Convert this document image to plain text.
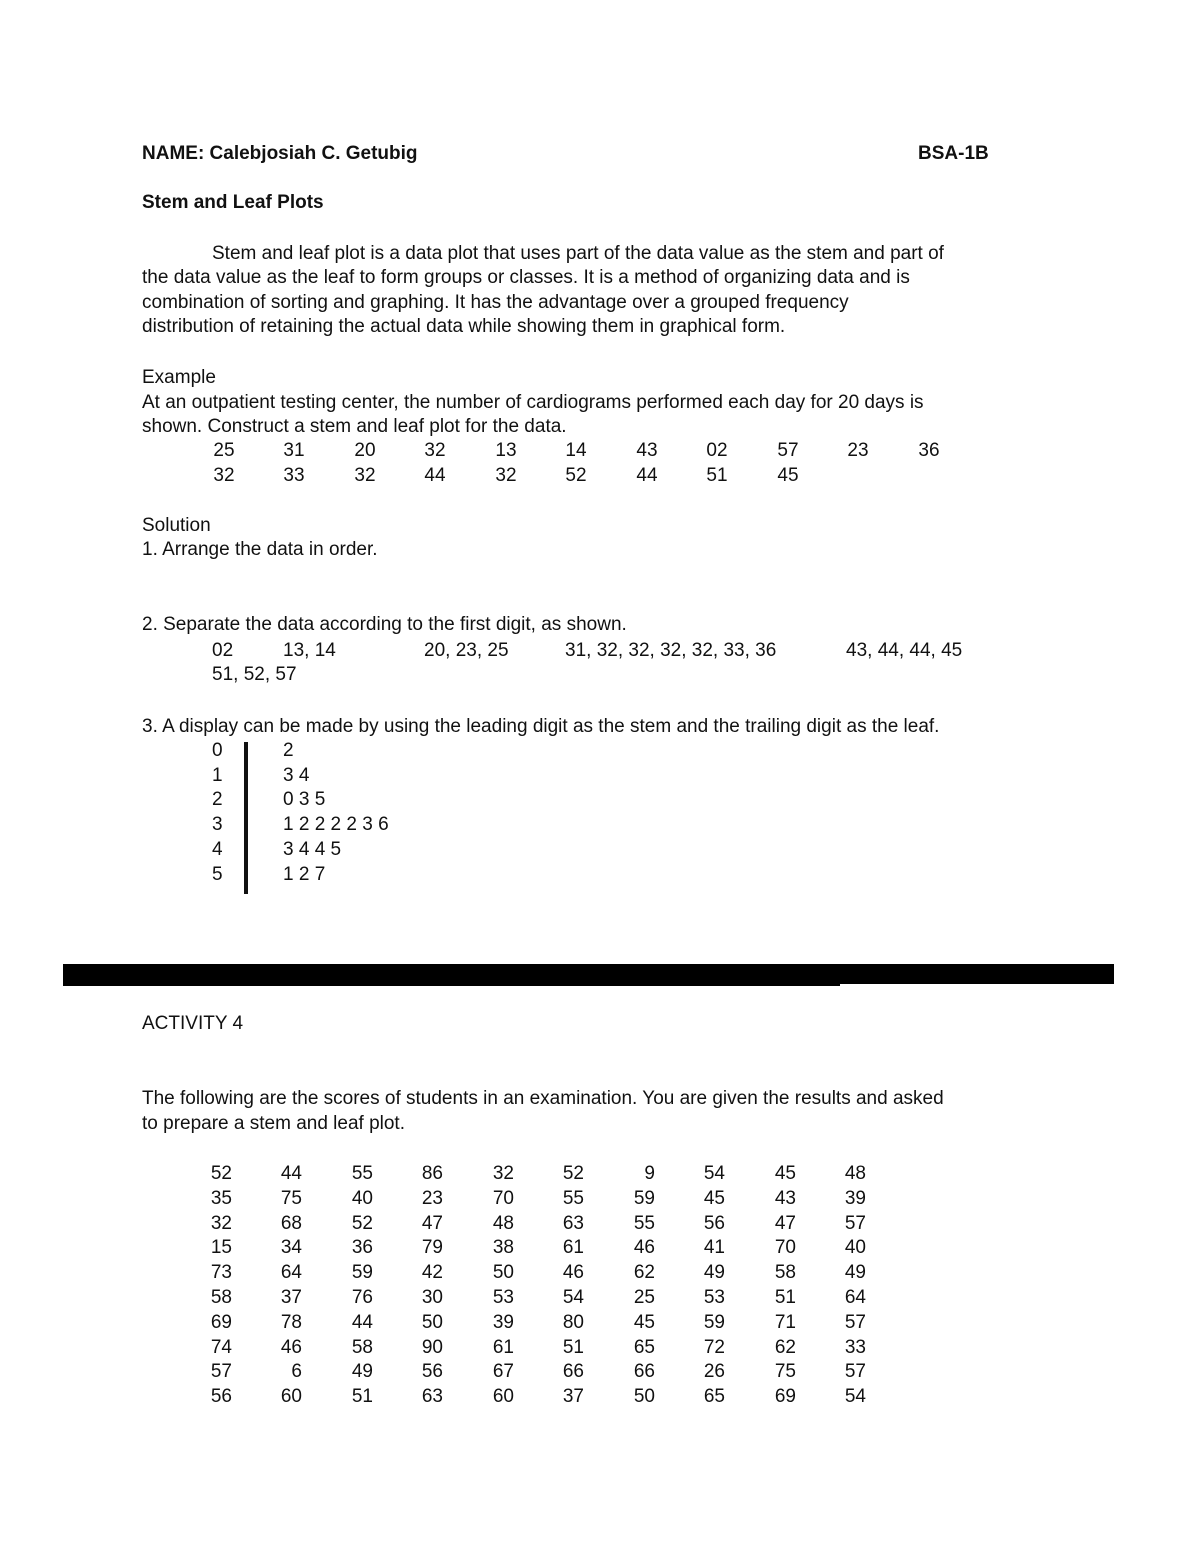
NAME: Calebjosiah C. Getubig	BSA-1B
Stem and Leaf Plots
Stem and leaf plot is a data plot that uses part of the data value as the stem and part of
the data value as the leaf to form groups or classes. It is a method of organizing data and is
combination of sorting and graphing. It has the advantage over a grouped frequency
distribution of retaining the actual data while showing them in graphical form.
Example
At an outpatient testing center, the number of cardiograms performed each day for 20 days is
shown. Construct a stem and leaf plot for the data.
25	31	20	32	13	14	43	02	57	23	36
32	33	32	44	32	52	44	51	45
Solution
1. Arrange the data in order.
2. Separate the data according to the first digit, as shown.
02	13, 14	20, 23, 25	31, 32, 32, 32, 32, 33, 36	43, 44, 44, 45
51, 52, 57
3. A display can be made by using the leading digit as the stem and the trailing digit as the leaf.
0	2
1	3 4
2	0 3 5
3	1 2 2 2 2 3 6
4	3 4 4 5
5	1 2 7
ACTIVITY 4
The following are the scores of students in an examination. You are given the results and asked
to prepare a stem and leaf plot.
52	44	55	86	32	52	9	54	45	48
35	75	40	23	70	55	59	45	43	39
32	68	52	47	48	63	55	56	47	57
15	34	36	79	38	61	46	41	70	40
73	64	59	42	50	46	62	49	58	49
58	37	76	30	53	54	25	53	51	64
69	78	44	50	39	80	45	59	71	57
74	46	58	90	61	51	65	72	62	33
57	6	49	56	67	66	66	26	75	57
56	60	51	63	60	37	50	65	69	54
